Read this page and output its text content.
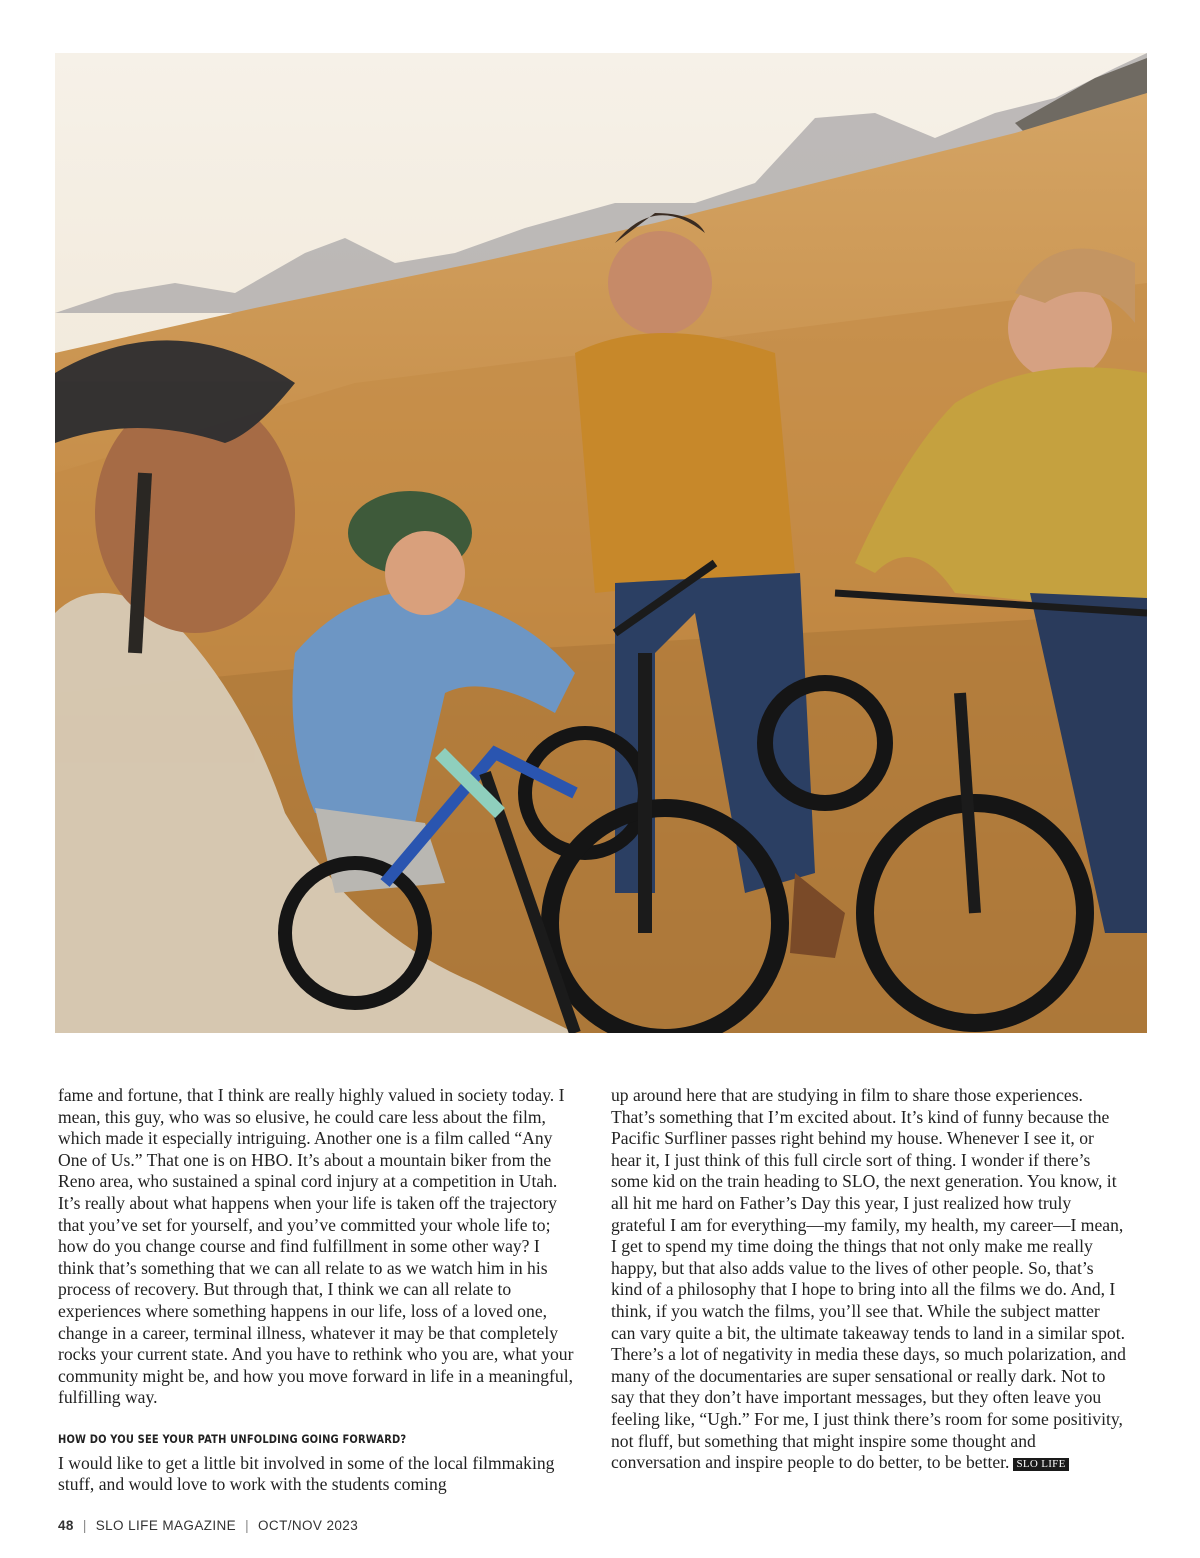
fame and fortune, that I think are really highly valued in society today. I mean, this guy, who was so elusive, he could care less about the film, which made it especially intriguing. Another one is a film called “Any One of Us.” That one is on HBO. It’s about a mountain biker from the Reno area, who sustained a spinal cord injury at a competition in Utah. It’s really about what happens when your life is taken off the trajectory that you’ve set for yourself, and you’ve committed your whole life to; how do you change course and find fulfillment in some other way? I think that’s something that we can all relate to as we watch him in his process of recovery. But through that, I think we can all relate to experiences where something happens in our life, loss of a loved one, change in a career, terminal illness, whatever it may be that completely rocks your current state. And you have to rethink who you are, what your community might be, and how you move forward in life in a meaningful, fulfilling way.

HOW DO YOU SEE YOUR PATH UNFOLDING GOING FORWARD?

I would like to get a little bit involved in some of the local filmmaking stuff, and would love to work with the students coming

up around here that are studying in film to share those experiences. That’s something that I’m excited about. It’s kind of funny because the Pacific Surfliner passes right behind my house. Whenever I see it, or hear it, I just think of this full circle sort of thing. I wonder if there’s some kid on the train heading to SLO, the next generation. You know, it all hit me hard on Father’s Day this year, I just realized how truly grateful I am for everything—my family, my health, my career—I mean, I get to spend my time doing the things that not only make me really happy, but that also adds value to the lives of other people. So, that’s kind of a philosophy that I hope to bring into all the films we do. And, I think, if you watch the films, you’ll see that. While the subject matter can vary quite a bit, the ultimate takeaway tends to land in a similar spot. There’s a lot of negativity in media these days, so much polarization, and many of the documentaries are super sensational or really dark. Not to say that they don’t have important messages, but they often leave you feeling like, “Ugh.” For me, I just think there’s room for some positivity, not fluff, but something that might inspire some thought and conversation and inspire people to do better, to be better. SLO LIFE

48 | SLO LIFE MAGAZINE | OCT/NOV 2023
